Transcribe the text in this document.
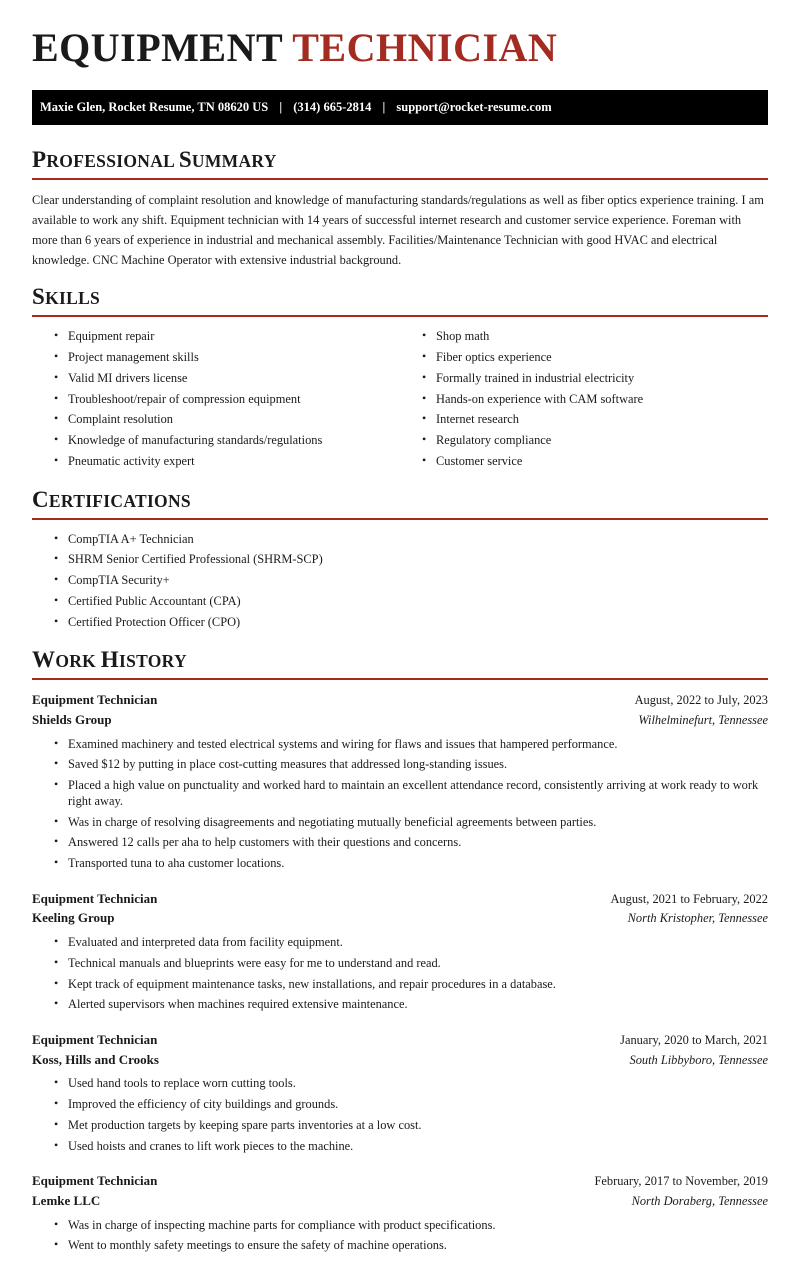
EQUIPMENT TECHNICIAN
Maxie Glen, Rocket Resume, TN 08620 US | (314) 665-2814 | support@rocket-resume.com
PROFESSIONAL SUMMARY

Clear understanding of complaint resolution and knowledge of manufacturing standards/regulations as well as fiber optics experience training. I am available to work any shift. Equipment technician with 14 years of successful internet research and customer service experience. Foreman with more than 6 years of experience in industrial and mechanical assembly. Facilities/Maintenance Technician with good HVAC and electrical knowledge. CNC Machine Operator with extensive industrial background.

SKILLS
• Equipment repair
• Project management skills
• Valid MI drivers license
• Troubleshoot/repair of compression equipment
• Complaint resolution
• Knowledge of manufacturing standards/regulations
• Pneumatic activity expert
• Shop math
• Fiber optics experience
• Formally trained in industrial electricity
• Hands-on experience with CAM software
• Internet research
• Regulatory compliance
• Customer service
CERTIFICATIONS
• CompTIA A+ Technician
• SHRM Senior Certified Professional (SHRM-SCP)
• CompTIA Security+
• Certified Public Accountant (CPA)
• Certified Protection Officer (CPO)
WORK HISTORY
Equipment Technician	August, 2022 to July, 2023
Shields Group	Wilhelminefurt, Tennessee
• Examined machinery and tested electrical systems and wiring for flaws and issues that hampered performance.
• Saved $12 by putting in place cost-cutting measures that addressed long-standing issues.
• Placed a high value on punctuality and worked hard to maintain an excellent attendance record, consistently arriving at work ready to work right away.
• Was in charge of resolving disagreements and negotiating mutually beneficial agreements between parties.
• Answered 12 calls per aha to help customers with their questions and concerns.
• Transported tuna to aha customer locations.
Equipment Technician	August, 2021 to February, 2022
Keeling Group	North Kristopher, Tennessee
• Evaluated and interpreted data from facility equipment.
• Technical manuals and blueprints were easy for me to understand and read.
• Kept track of equipment maintenance tasks, new installations, and repair procedures in a database.
• Alerted supervisors when machines required extensive maintenance.
Equipment Technician	January, 2020 to March, 2021
Koss, Hills and Crooks	South Libbyboro, Tennessee
• Used hand tools to replace worn cutting tools.
• Improved the efficiency of city buildings and grounds.
• Met production targets by keeping spare parts inventories at a low cost.
• Used hoists and cranes to lift work pieces to the machine.
Equipment Technician	February, 2017 to November, 2019
Lemke LLC	North Doraberg, Tennessee
• Was in charge of inspecting machine parts for compliance with product specifications.
• Went to monthly safety meetings to ensure the safety of machine operations.
